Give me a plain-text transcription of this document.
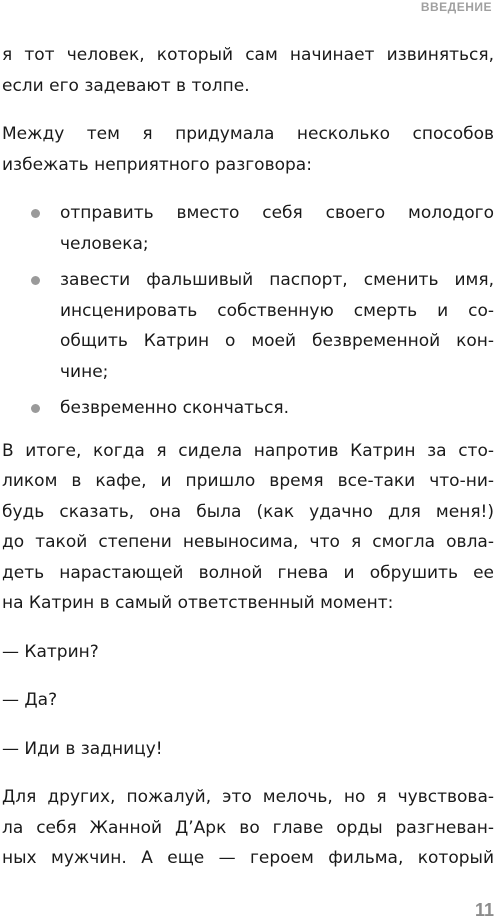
ВВЕДЕНИЕ

я тот человек, который сам начинает извиняться,
если его задевают в толпе.

Между тем я придумала несколько способов
избежать неприятного разговора:

отправить вместо себя своего молодого
человека;
завести фальшивый паспорт, сменить имя,
инсценировать собственную смерть и со-
общить Катрин о моей безвременной кон-
чине;
безвременно скончаться.

В итоге, когда я сидела напротив Катрин за сто-
ликом в кафе, и пришло время все-таки что-ни-
будь сказать, она была (как удачно для меня!)
до такой степени невыносима, что я смогла овла-
деть нарастающей волной гнева и обрушить ее
на Катрин в самый ответственный момент:

— Катрин?

— Да?

— Иди в задницу!

Для других, пожалуй, это мелочь, но я чувствова-
ла себя Жанной Д’Арк во главе орды разгневан-
ных мужчин. А еще — героем фильма, который

11
